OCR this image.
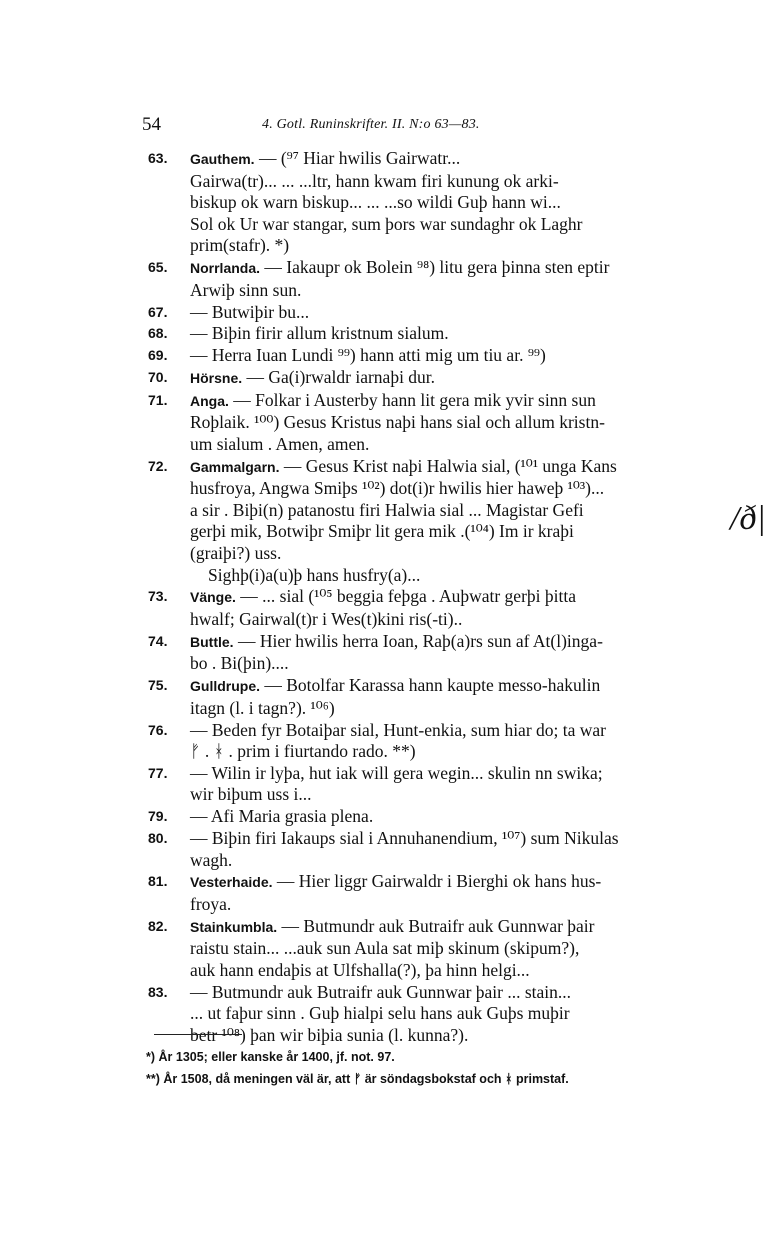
54	4. Gotl. Runinskrifter. II. N:o 63—83.
63. Gauthem. — (⁹⁷ Hiar hwilis Gairwatr...
Gairwa(tr)... ... ...ltr, hann kwam firi kunung ok arki-
biskup ok warn biskup... ... ...so wildi Guþ hann wi...
Sol ok Ur war stangar, sum þors war sundaghr ok Laghr
prim(stafr). *)
65. Norrlanda. — Iakaupr ok Bolein ⁹⁸) litu gera þinna sten eptir
Arwiþ sinn sun.
67. — Butwiþir bu...
68. — Biþin firir allum kristnum sialum.
69. — Herra Iuan Lundi ⁹⁹) hann atti mig um tiu ar. ⁹⁹)
70. Hörsne. — Ga(i)rwaldr iarnaþi dur.
71. Anga. — Folkar i Austerby hann lit gera mik yvir sinn sun
Roþlaik. ¹⁰⁰) Gesus Kristus naþi hans sial och allum kristn-
um sialum . Amen, amen.
72. Gammalgarn. — Gesus Krist naþi Halwia sial, (¹⁰¹ unga Kans
husfroya, Angwa Smiþs ¹⁰²) dot(i)r hwilis hier haweþ ¹⁰³)...
a sir . Biþi(n) patanostu firi Halwia sial ... Magistar Gefi
gerþi mik, Botwiþr Smiþr lit gera mik .(¹⁰⁴) Im ir kraþi
(graiþi?) uss.
Sighþ(i)a(u)þ hans husfry(a)...
73. Vänge. — ... sial (¹⁰⁵ beggia feþga . Auþwatr gerþi þitta
hwalf; Gairwal(t)r i Wes(t)kini ris(-ti)..
74. Buttle. — Hier hwilis herra Ioan, Raþ(a)rs sun af At(l)inga-
bo . Bi(þin)....
75. Gulldrupe. — Botolfar Karassa hann kaupte messo-hakulin
itagn (l. i tagn?). ¹⁰⁶)
76. — Beden fyr Botaiþar sial, Hunt-enkia, sum hiar do; ta war
ᚠ . ᚼ . prim i fiurtando rado. **)
77. — Wilin ir lyþa, hut iak will gera wegin... skulin nn swika;
wir biþum uss i...
79. — Afi Maria grasia plena.
80. — Biþin firi Iakaups sial i Annuhanendium, ¹⁰⁷) sum Nikulas
wagh.
81. Vesterhaide. — Hier liggr Gairwaldr i Bierghi ok hans hus-
froya.
82. Stainkumbla. — Butmundr auk Butraifr auk Gunnwar þair
raistu stain... ...auk sun Aula sat miþ skinum (skipum?),
auk hann endaþis at Ulfshalla(?), þa hinn helgi...
83. — Butmundr auk Butraifr auk Gunnwar þair ... stain...
... ut faþur sinn . Guþ hialpi selu hans auk Guþs muþir
betr ¹⁰⁸) þan wir biþia sunia (l. kunna?).
/ð|
*) År 1305; eller kanske år 1400, jf. not. 97.
**) År 1508, då meningen väl är, att ᚠ är söndagsbokstaf och ᚼ primstaf.
